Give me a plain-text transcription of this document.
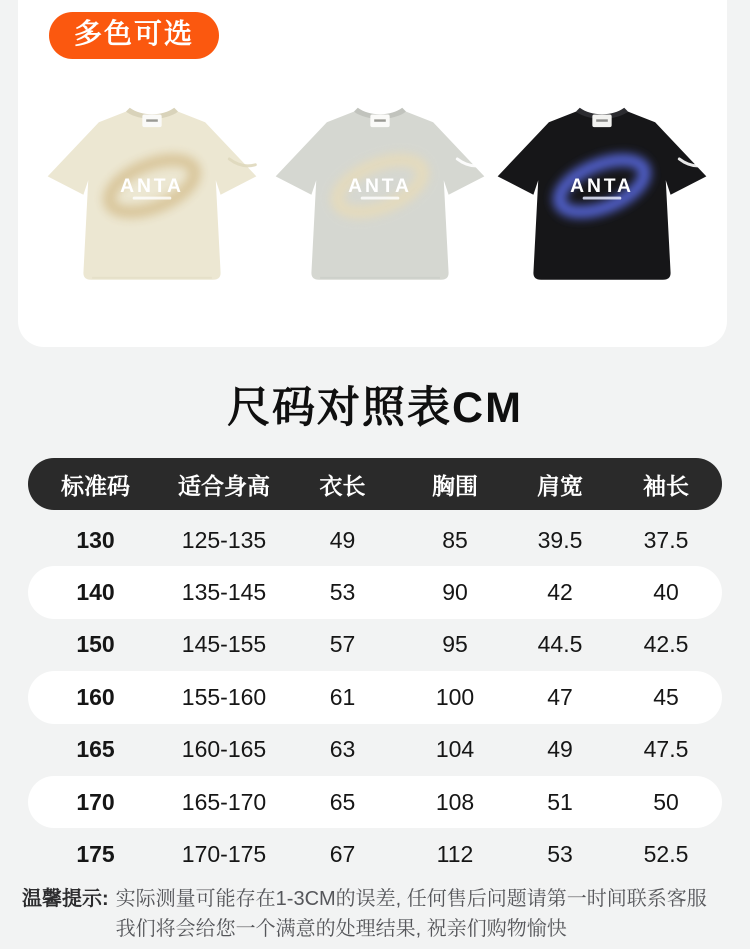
多色可选
ANTA	ANTA	ANTA
尺码对照表CM
标准码	适合身高	衣长	胸围	肩宽	袖长
130	125-135	49	85	39.5	37.5
140	135-145	53	90	42	40
150	145-155	57	95	44.5	42.5
160	155-160	61	100	47	45
165	160-165	63	104	49	47.5
170	165-170	65	108	51	50
175	170-175	67	112	53	52.5
温馨提示: 实际测量可能存在1-3CM的误差, 任何售后问题请第一时间联系客服
我们将会给您一个满意的处理结果, 祝亲们购物愉快
